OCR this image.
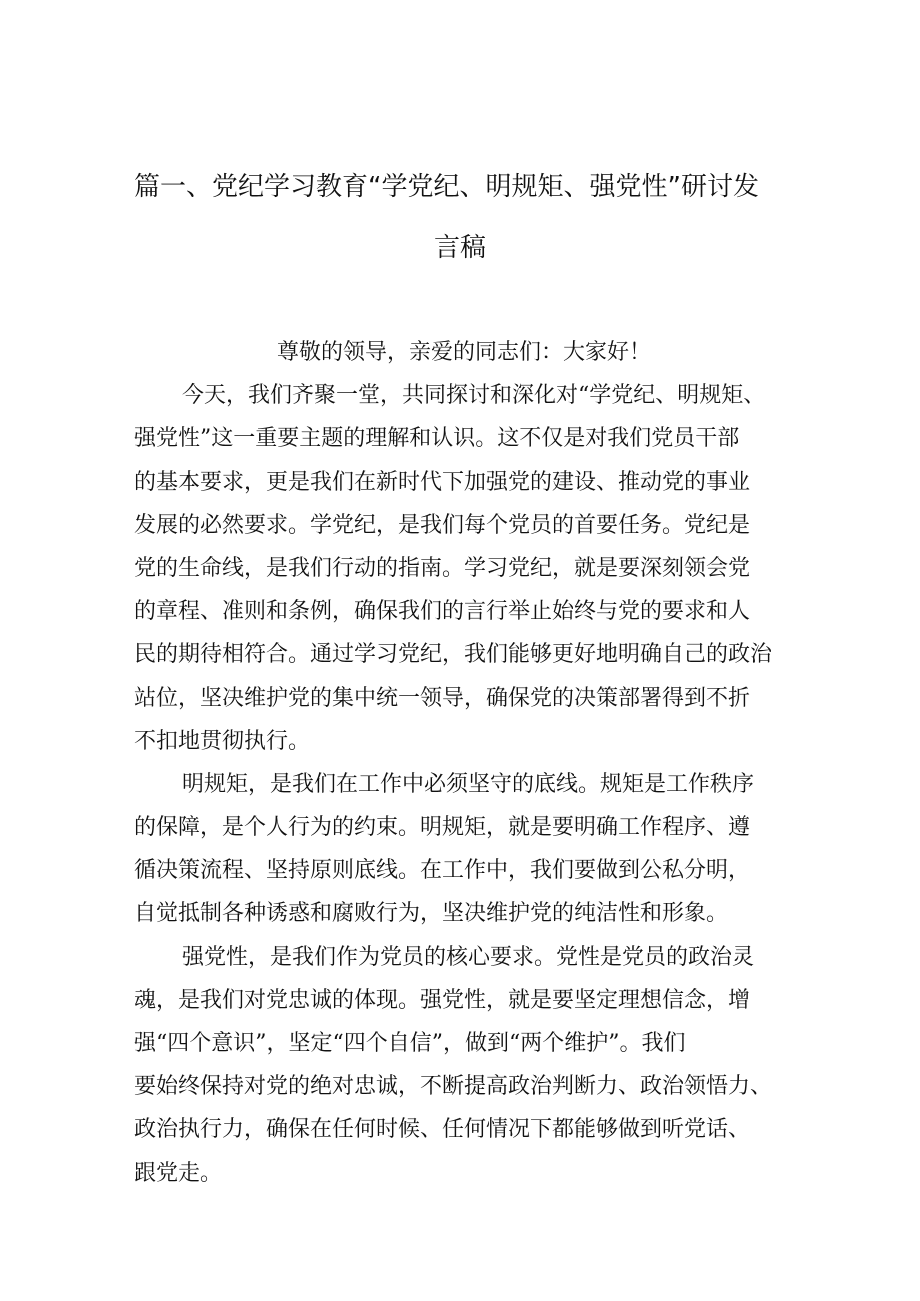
篇一、党纪学习教育“学党纪、明规矩、强党性”研讨发
言稿
尊敬的领导，亲爱的同志们：大家好！
今天，我们齐聚一堂，共同探讨和深化对“学党纪、明规矩、
强党性”这一重要主题的理解和认识。这不仅是对我们党员干部
的基本要求，更是我们在新时代下加强党的建设、推动党的事业
发展的必然要求。学党纪，是我们每个党员的首要任务。党纪是
党的生命线，是我们行动的指南。学习党纪，就是要深刻领会党
的章程、准则和条例，确保我们的言行举止始终与党的要求和人
民的期待相符合。通过学习党纪，我们能够更好地明确自己的政治
站位，坚决维护党的集中统一领导，确保党的决策部署得到不折
不扣地贯彻执行。
明规矩，是我们在工作中必须坚守的底线。规矩是工作秩序
的保障，是个人行为的约束。明规矩，就是要明确工作程序、遵
循决策流程、坚持原则底线。在工作中，我们要做到公私分明，
自觉抵制各种诱惑和腐败行为，坚决维护党的纯洁性和形象。
强党性，是我们作为党员的核心要求。党性是党员的政治灵
魂，是我们对党忠诚的体现。强党性，就是要坚定理想信念，增
强“四个意识”，坚定“四个自信”，做到“两个维护”。我们
要始终保持对党的绝对忠诚，不断提高政治判断力、政治领悟力、
政治执行力，确保在任何时候、任何情况下都能够做到听党话、
跟党走。
